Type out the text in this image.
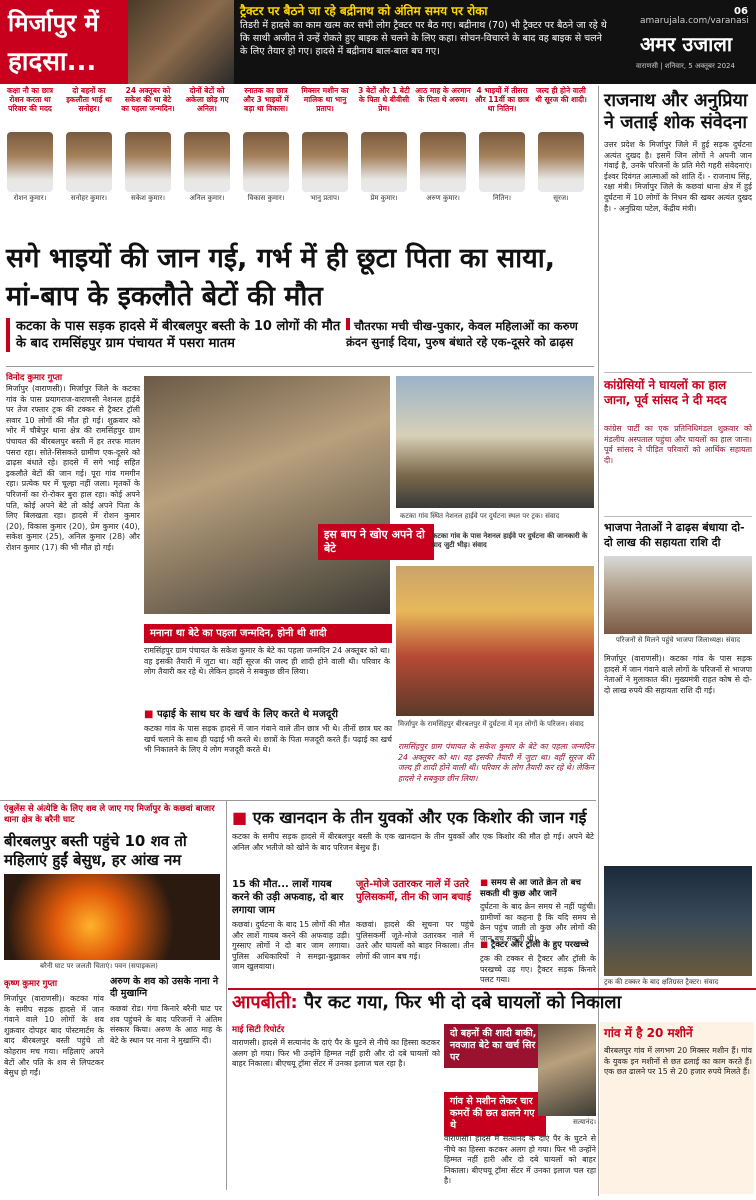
मिर्जापुर में
हादसा...
ट्रैक्टर पर बैठने जा रहे बद्रीनाथ को अंतिम समय पर रोका
तिडरी में हादसे का काम खत्म कर सभी लोग ट्रैक्टर पर बैठ गए। बद्रीनाथ (70) भी ट्रैक्टर पर बैठने जा रहे थे कि साथी अजीत ने उन्हें रोकते हुए बाइक से चलने के लिए कहा। सोचन-विचारने के बाद वह बाइक से चलने के लिए तैयार हो गए। हादसे में बद्रीनाथ बाल-बाल बच गए।
amarujala.com/varanasi
अमर उजाला
वाराणसी | शनिवार, 5 अक्तूबर 2024
06
कक्षा नौ का छात्र रोशन करता था परिवार की मदद
रोशन कुमार।
दो बहनों का इकलौता भाई था सनोहर।
सनोहर कुमार।
24 अक्तूबर को सकेश की था बेटे का पहला जन्मदिन।
सकेश कुमार।
दोनों बेटों को अकेला छोड़ गए अनिल।
अनिल कुमार।
स्नातक का छात्र और 3 भाइयों में बड़ा था विकास।
विकास कुमार।
मिक्सर मशीन का मालिक था भानु प्रताप।
भानु प्रताप।
3 बेटों और 1 बेटी के पिता थे बीवीसी प्रेम।
प्रेम कुमार।
आठ माह के अरमान के पिता थे अरुण।
अरुण कुमार।
4 भाइयों में तीसरा और 11वीं का छात्र था नितिन।
नितिन।
जल्द ही होने वाली थी सूरज की शादी।
सूरज।
सगे भाइयों की जान गई, गर्भ में ही छूटा पिता का साया, मां-बाप के इकलौते बेटों की मौत
कटका के पास सड़क हादसे में बीरबलपुर बस्ती के 10 लोगों की मौत के बाद रामसिंहपुर ग्राम पंचायत में पसरा मातम
चौतरफा मची चीख-पुकार, केवल महिलाओं का करुण क्रंदन सुनाई दिया, पुरुष बंधाते रहे एक-दूसरे को ढाढ़स
विनोद कुमार गुप्ता
मिर्जापुर (वाराणसी)। मिर्जापुर जिले के कटका गांव के पास प्रयागराज-वाराणसी नेशनल हाईवे पर तेज रफ्तार ट्रक की टक्कर से ट्रैक्टर ट्रॉली सवार 10 लोगों की मौत हो गई। शुक्रवार को भोर में चौबेपुर थाना क्षेत्र की रामसिंहपुर ग्राम पंचायत की बीरबलपुर बस्ती में हर तरफ मातम पसरा रहा। सोते-सिसकते ग्रामीण एक-दूसरे को ढाढ़स बंधाते रहे। हादसे में सगे भाई सहित इकलौते बेटों की जान गई। पूरा गांव गमगीन रहा। प्रत्येक घर में चूल्हा नहीं जला। मृतकों के परिजनों का रो-रोकर बुरा हाल रहा। कोई अपने पति, कोई अपने बेटे तो कोई अपने पिता के लिए बिलखता रहा। हादसे में रोशन कुमार (20), विकास कुमार (20), प्रेम कुमार (40), सकेश कुमार (25), अनिल कुमार (28) और रोशन कुमार (17) की भी मौत हो गई।
इस बाप ने खोए अपने दो बेटे
कटका गांव स्थित नेशनल हाईवे पर दुर्घटना स्थल पर ट्रक। संवाद
कटका गांव के पास नेशनल हाईवे पर दुर्घटना की जानकारी के बाद जुटी भीड़। संवाद
मिर्जापुर के रामसिंहपुर बीरबलपुर में दुर्घटना में मृत लोगों के परिजन। संवाद
मनाना था बेटे का पहला जन्मदिन, होनी थी शादी
रामसिंहपुर ग्राम पंचायत के सकेश कुमार के बेटे का पहला जन्मदिन 24 अक्तूबर को था। वह इसकी तैयारी में जुटा था। वहीं सूरज की जल्द ही शादी होने वाली थी। परिवार के लोग तैयारी कर रहे थे। लेकिन हादसे ने सबकुछ छीन लिया।
■ पढ़ाई के साथ घर के खर्च के लिए करते थे मजदूरी
कटका गांव के पास सड़क हादसे में जान गंवाने वाले तीन छात्र भी थे। तीनों छात्र घर का खर्च चलाने के साथ ही पढ़ाई भी करते थे। छात्रों के पिता मजदूरी करते हैं। पढ़ाई का खर्च भी निकालने के लिए ये लोग मजदूरी करते थे।	रामसिंहपुर ग्राम पंचायत के सकेश कुमार के बेटे का पहला जन्मदिन 24 अक्तूबर को था। वह इसकी तैयारी में जुटा था। वहीं सूरज की जल्द ही शादी होने वाली थी। परिवार के लोग तैयारी कर रहे थे। लेकिन हादसे ने सबकुछ छीन लिया।
राजनाथ और अनुप्रिया ने जताई शोक संवेदना
उत्तर प्रदेश के मिर्जापुर जिले में हुई सड़क दुर्घटना अत्यंत दुखद है। इसमें जिन लोगों ने अपनी जान गंवाई है, उनके परिजनों के प्रति मेरी गहरी संवेदनाएं। ईश्वर दिवंगत आत्माओं को शांति दें। - राजनाथ सिंह, रक्षा मंत्री। मिर्जापुर जिले के कछवां थाना क्षेत्र में हुई दुर्घटना में 10 लोगों के निधन की खबर अत्यंत दुखद है। - अनुप्रिया पटेल, केंद्रीय मंत्री।
कांग्रेसियों ने घायलों का हाल जाना, पूर्व सांसद ने दी मदद
कांग्रेस पार्टी का एक प्रतिनिधिमंडल शुक्रवार को मंडलीय अस्पताल पहुंचा और घायलों का हाल जाना। पूर्व सांसद ने पीड़ित परिवारों को आर्थिक सहायता दी।
भाजपा नेताओं ने ढाढ़स बंधाया दो-दो लाख की सहायता राशि दी
परिजनों से मिलने पहुंचे भाजपा जिलाध्यक्ष। संवाद
मिर्जापुर (वाराणसी)। कटका गांव के पास सड़क हादसे में जान गंवाने वाले लोगों के परिजनों से भाजपा नेताओं ने मुलाकात की। मुख्यमंत्री राहत कोष से दो-दो लाख रुपये की सहायता राशि दी गई।
ट्रक की टक्कर के बाद क्षतिग्रस्त ट्रैक्टर। संवाद
एंबुलेंस से अंत्येष्टि के लिए शव ले जाए गए मिर्जापुर के कछवां बाजार थाना क्षेत्र के बरैनी घाट
बीरबलपुर बस्ती पहुंचे 10 शव तो महिलाएं हुईं बेसुध, हर आंख नम
बरैनी घाट पर जलती चिताएं। पवन (सपाइकल)
कृष्ण कुमार गुप्ता
मिर्जापुर (वाराणसी)। कटका गांव के समीप सड़क हादसे में जान गंवाने वाले 10 लोगों के शव शुक्रवार दोपहर बाद पोस्टमार्टम के बाद बीरबलपुर बस्ती पहुंचे तो कोहराम मच गया। महिलाएं अपने बेटों और पति के शव से लिपटकर बेसुध हो गईं।
अरुण के शव को उसके नाना ने दी मुखाग्नि
कछवां रोड। गंगा किनारे बरैनी घाट पर शव पहुंचने के बाद परिजनों ने अंतिम संस्कार किया। अरुण के आठ माह के बेटे के स्थान पर नाना ने मुखाग्नि दी।
■ एक खानदान के तीन युवकों और एक किशोर की जान गई
कटका के समीप सड़क हादसे में बीरबलपुर बस्ती के एक खानदान के तीन युवकों और एक किशोर की मौत हो गई। अपने बेटे अनिल और भतीजे को खोने के बाद परिजन बेसुध हैं।
15 की मौत... लाशें गायब करने की उड़ी अफवाह, दो बार लगाया जाम
कछवां। दुर्घटना के बाद 15 लोगों की मौत और लाशें गायब करने की अफवाह उड़ी। गुस्साए लोगों ने दो बार जाम लगाया। पुलिस अधिकारियों ने समझा-बुझाकर जाम खुलवाया।
जूते-मोजे उतारकर नालें में उतरे पुलिसकर्मी, तीन की जान बचाई
कछवां। हादसे की सूचना पर पहुंचे पुलिसकर्मी जूते-मोजे उतारकर नाले में उतरे और घायलों को बाहर निकाला। तीन लोगों की जान बच गई।
■ समय से आ जाते क्रेन तो बच सकती थी कुछ और जानें
दुर्घटना के बाद क्रेन समय से नहीं पहुंची। ग्रामीणों का कहना है कि यदि समय से क्रेन पहुंच जाती तो कुछ और लोगों की जान बच सकती थी।
■ ट्रैक्टर और ट्रॉली के हुए परखच्चे
ट्रक की टक्कर से ट्रैक्टर और ट्रॉली के परखच्चे उड़ गए। ट्रैक्टर सड़क किनारे पलट गया।
आपबीती: पैर कट गया, फिर भी दो दबे घायलों को निकाला
माई सिटी रिपोर्टर
वाराणसी। हादसे में सत्यानंद के दाएं पैर के घुटने से नीचे का हिस्सा कटकर अलग हो गया। फिर भी उन्होंने हिम्मत नहीं हारी और दो दबे घायलों को बाहर निकाला। बीएचयू ट्रॉमा सेंटर में उनका इलाज चल रहा है।
दो बहनों की शादी बाकी, नवजात बेटे का खर्च सिर पर
गांव से मशीन लेकर चार कमरों की छत ढालने गए थे	सत्यानंद।
वाराणसी। हादसे में सत्यानंद के दाएं पैर के घुटने से नीचे का हिस्सा कटकर अलग हो गया। फिर भी उन्होंने हिम्मत नहीं हारी और दो दबे घायलों को बाहर निकाला। बीएचयू ट्रॉमा सेंटर में उनका इलाज चल रहा है।
गांव में है 20 मशीनें
बीरबलपुर गांव में लगभग 20 मिक्सर मशीन हैं। गांव के युवक इन मशीनों से छत ढलाई का काम करते हैं। एक छत ढालने पर 15 से 20 हजार रुपये मिलते हैं।
